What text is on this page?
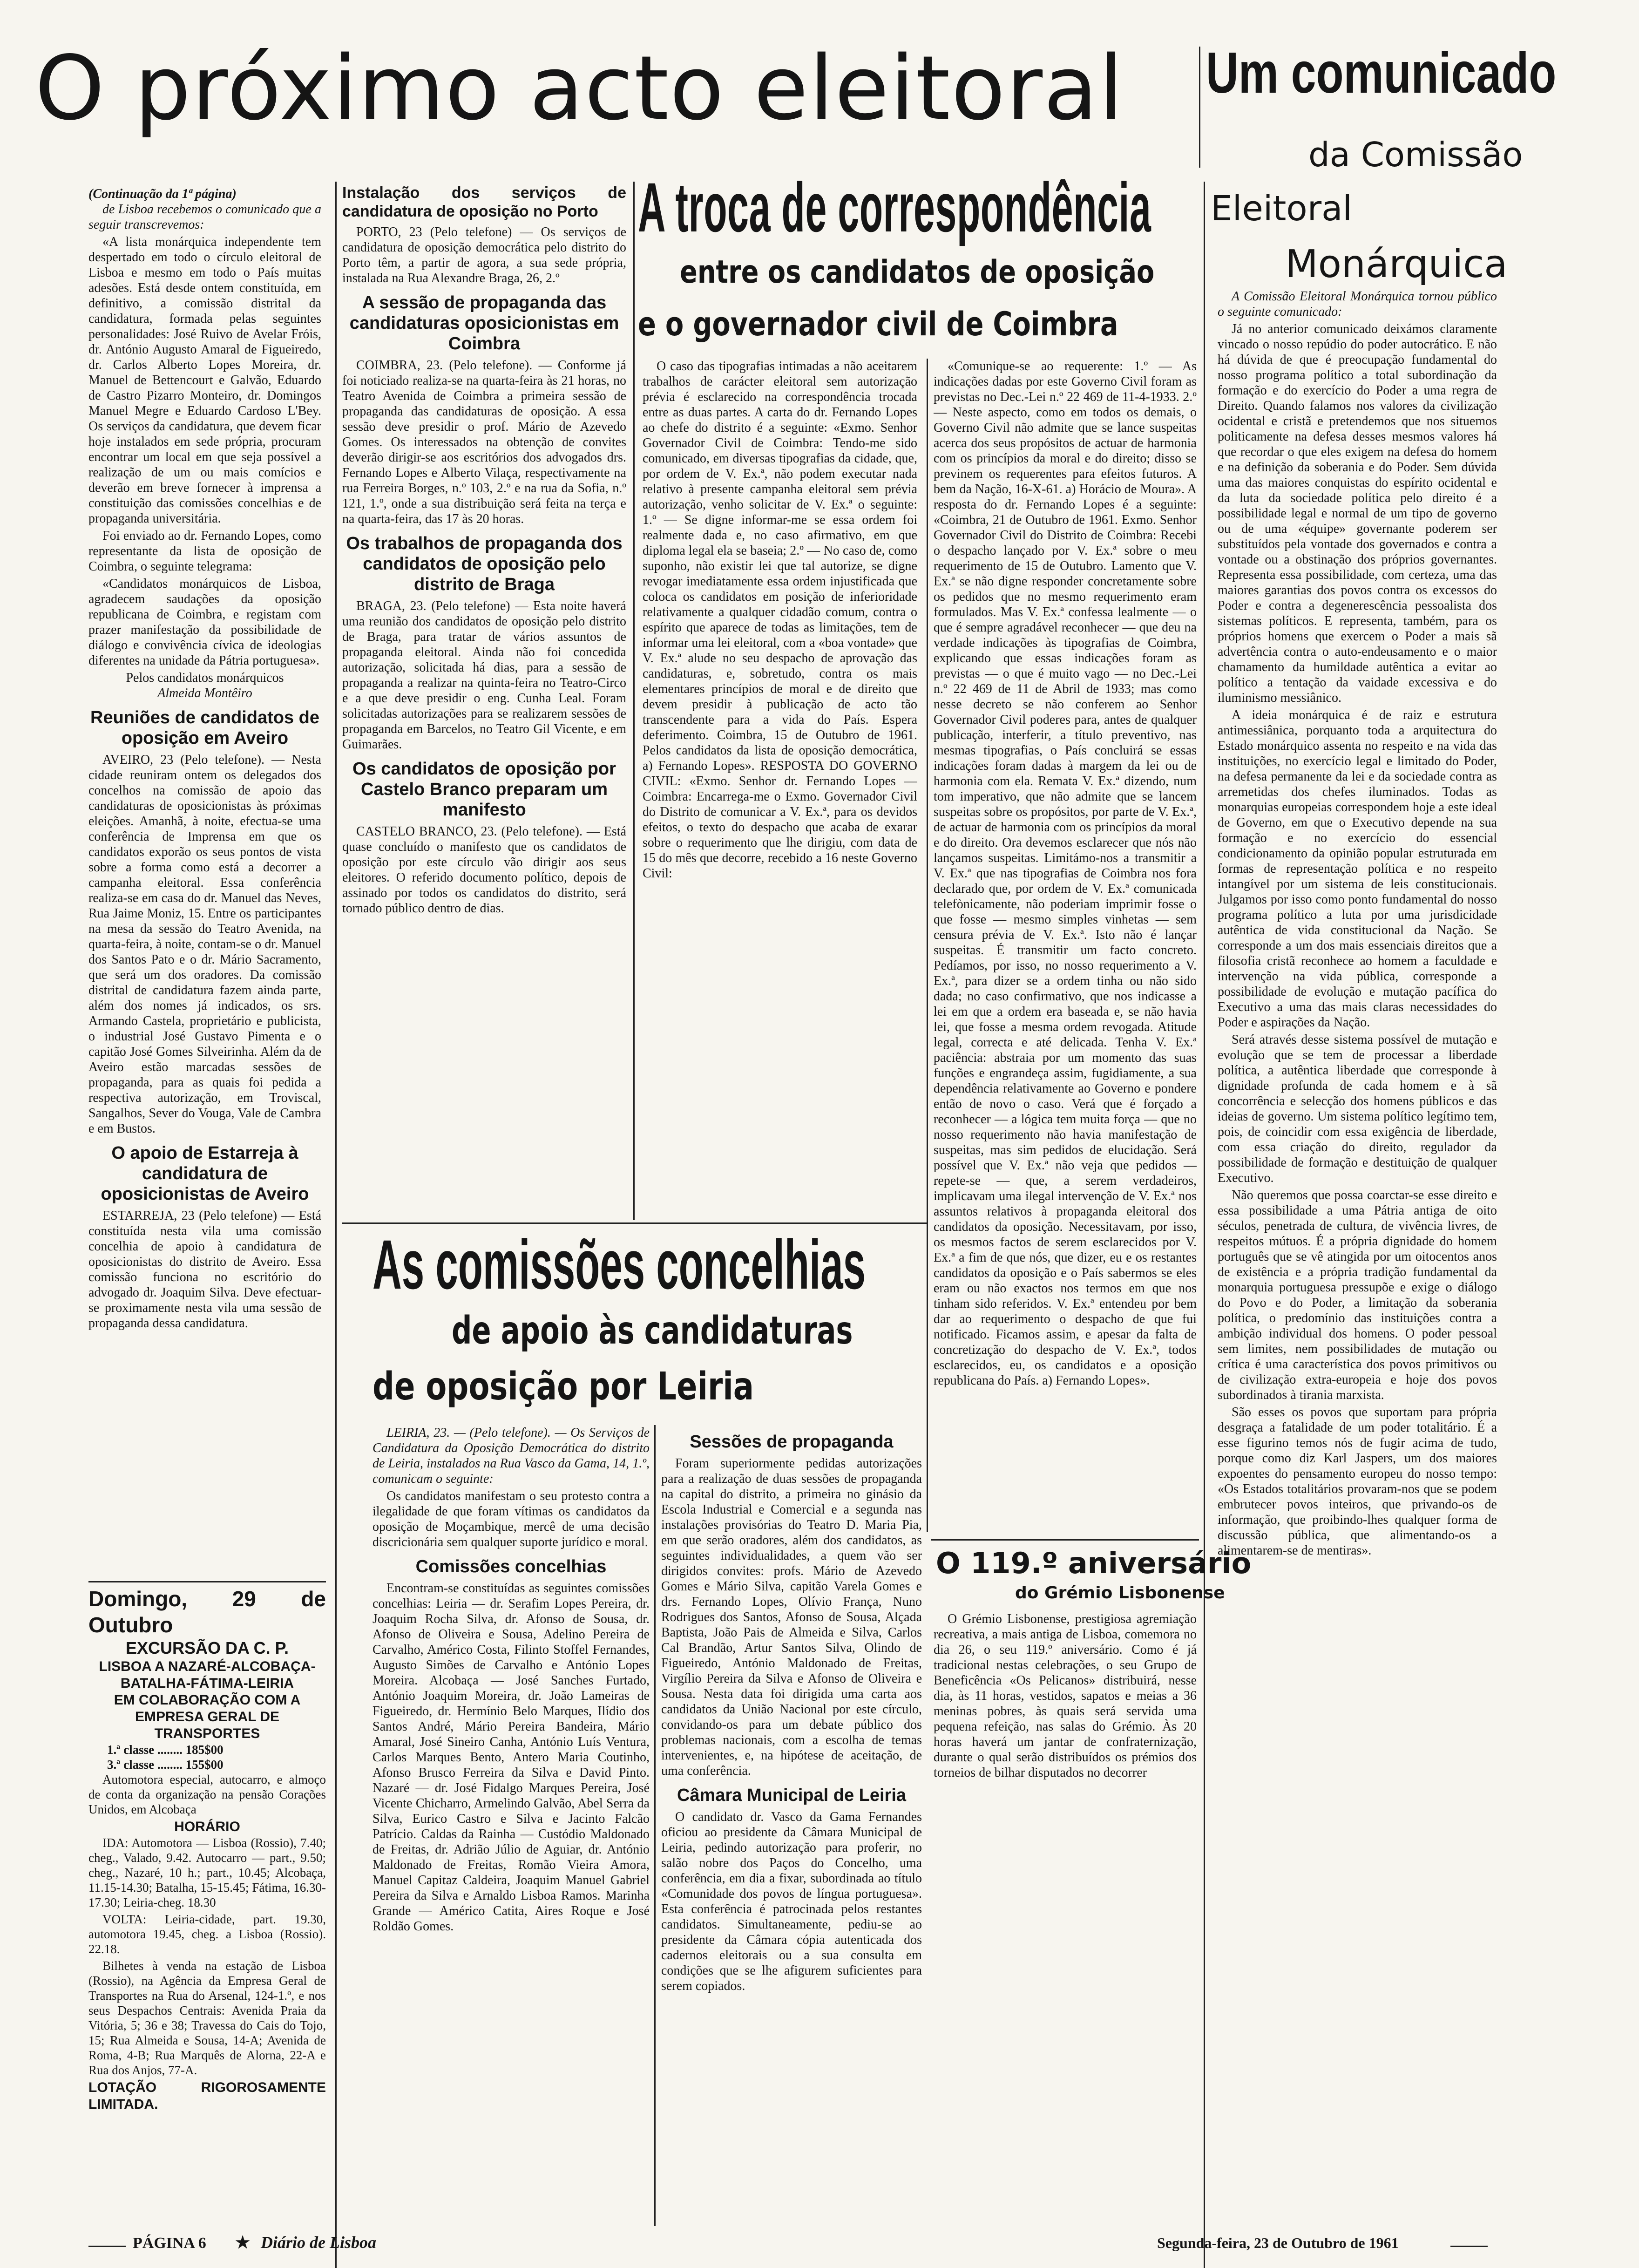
O próximo acto eleitoral Um comunicado
da Comissão
Eleitoral
Monárquica
(Continuação da 1ª página)

de Lisboa recebemos o comunicado que a seguir transcrevemos:

«A lista monárquica independente tem despertado em todo o círculo eleitoral de Lisboa e mesmo em todo o País muitas adesões. Está desde ontem constituída, em definitivo, a comissão distrital da candidatura, formada pelas seguintes personalidades: José Ruivo de Avelar Fróis, dr. António Augusto Amaral de Figueiredo, dr. Carlos Alberto Lopes Moreira, dr. Manuel de Bettencourt e Galvão, Eduardo de Castro Pizarro Monteiro, dr. Domingos Manuel Megre e Eduardo Cardoso L'Bey. Os serviços da candidatura, que devem ficar hoje instalados em sede própria, procuram encontrar um local em que seja possível a realização de um ou mais comícios e deverão em breve fornecer à imprensa a constituição das comissões concelhias e de propaganda universitária.

Foi enviado ao dr. Fernando Lopes, como representante da lista de oposição de Coimbra, o seguinte telegrama:

«Candidatos monárquicos de Lisboa, agradecem saudações da oposição republicana de Coimbra, e registam com prazer manifestação da possibilidade de diálogo e convivência cívica de ideologias diferentes na unidade da Pátria portuguesa».

Pelos candidatos monárquicos
Almeida Montêiro
Reuniões de candidatos de oposição em Aveiro

AVEIRO, 23 (Pelo telefone). — Nesta cidade reuniram ontem os delegados dos concelhos na comissão de apoio das candidaturas de oposicionistas às próximas eleições. Amanhã, à noite, efectua-se uma conferência de Imprensa em que os candidatos exporão os seus pontos de vista sobre a forma como está a decorrer a campanha eleitoral. Essa conferência realiza-se em casa do dr. Manuel das Neves, Rua Jaime Moniz, 15. Entre os participantes na mesa da sessão do Teatro Avenida, na quarta-feira, à noite, contam-se o dr. Manuel dos Santos Pato e o dr. Mário Sacramento, que será um dos oradores. Da comissão distrital de candidatura fazem ainda parte, além dos nomes já indicados, os srs. Armando Castela, proprietário e publicista, o industrial José Gustavo Pimenta e o capitão José Gomes Silveirinha. Além da de Aveiro estão marcadas sessões de propaganda, para as quais foi pedida a respectiva autorização, em Troviscal, Sangalhos, Sever do Vouga, Vale de Cambra e em Bustos.

O apoio de Estarreja à candidatura de oposicionistas de Aveiro

ESTARREJA, 23 (Pelo telefone) — Está constituída nesta vila uma comissão concelhia de apoio à candidatura de oposicionistas do distrito de Aveiro. Essa comissão funciona no escritório do advogado dr. Joaquim Silva. Deve efectuar-se proximamente nesta vila uma sessão de propaganda dessa candidatura.

Domingo, 29 de Outubro
EXCURSÃO DA C. P.
LISBOA A NAZARÉ-ALCOBAÇA-BATALHA-FÁTIMA-LEIRIA
EM COLABORAÇÃO COM A EMPRESA GERAL DE TRANSPORTES
1.ª classe ........ 185$00
3.ª classe ........ 155$00

Automotora especial, autocarro, e almoço de conta da organização na pensão Corações Unidos, em Alcobaça

HORÁRIO

IDA: Automotora — Lisboa (Rossio), 7.40; cheg., Valado, 9.42. Autocarro — part., 9.50; cheg., Nazaré, 10 h.; part., 10.45; Alcobaça, 11.15-14.30; Batalha, 15-15.45; Fátima, 16.30-17.30; Leiria-cheg. 18.30

VOLTA: Leiria-cidade, part. 19.30, automotora 19.45, cheg. a Lisboa (Rossio). 22.18.

Bilhetes à venda na estação de Lisboa (Rossio), na Agência da Empresa Geral de Transportes na Rua do Arsenal, 124-1.º, e nos seus Despachos Centrais: Avenida Praia da Vitória, 5; 36 e 38; Travessa do Cais do Tojo, 15; Rua Almeida e Sousa, 14-A; Avenida de Roma, 4-B; Rua Marquês de Alorna, 22-A e Rua dos Anjos, 77-A.

LOTAÇÃO RIGOROSAMENTE LIMITADA.
Instalação dos serviços de candidatura de oposição no Porto

PORTO, 23 (Pelo telefone) — Os serviços de candidatura de oposição democrática pelo distrito do Porto têm, a partir de agora, a sua sede própria, instalada na Rua Alexandre Braga, 26, 2.º

A sessão de propaganda das candidaturas oposicionistas em Coimbra

COIMBRA, 23. (Pelo telefone). — Conforme já foi noticiado realiza-se na quarta-feira às 21 horas, no Teatro Avenida de Coimbra a primeira sessão de propaganda das candidaturas de oposição. A essa sessão deve presidir o prof. Mário de Azevedo Gomes. Os interessados na obtenção de convites deverão dirigir-se aos escritórios dos advogados drs. Fernando Lopes e Alberto Vilaça, respectivamente na rua Ferreira Borges, n.º 103, 2.º e na rua da Sofia, n.º 121, 1.º, onde a sua distribuição será feita na terça e na quarta-feira, das 17 às 20 horas.

Os trabalhos de propaganda dos candidatos de oposição pelo distrito de Braga

BRAGA, 23. (Pelo telefone) — Esta noite haverá uma reunião dos candidatos de oposição pelo distrito de Braga, para tratar de vários assuntos de propaganda eleitoral. Ainda não foi concedida autorização, solicitada há dias, para a sessão de propaganda a realizar na quinta-feira no Teatro-Circo e a que deve presidir o eng. Cunha Leal. Foram solicitadas autorizações para se realizarem sessões de propaganda em Barcelos, no Teatro Gil Vicente, e em Guimarães.

Os candidatos de oposição por Castelo Branco preparam um manifesto

CASTELO BRANCO, 23. (Pelo telefone). — Está quase concluído o manifesto que os candidatos de oposição por este círculo vão dirigir aos seus eleitores. O referido documento político, depois de assinado por todos os candidatos do distrito, será tornado público dentro de dias.

A troca de correspondência
entre os candidatos de oposição
e o governador civil de Coimbra

O caso das tipografias intimadas a não aceitarem trabalhos de carácter eleitoral sem autorização prévia é esclarecido na correspondência trocada entre as duas partes. A carta do dr. Fernando Lopes ao chefe do distrito é a seguinte: «Exmo. Senhor Governador Civil de Coimbra: Tendo-me sido comunicado, em diversas tipografias da cidade, que, por ordem de V. Ex.ª, não podem executar nada relativo à presente campanha eleitoral sem prévia autorização, venho solicitar de V. Ex.ª o seguinte: 1.º — Se digne informar-me se essa ordem foi realmente dada e, no caso afirmativo, em que diploma legal ela se baseia; 2.º — No caso de, como suponho, não existir lei que tal autorize, se digne revogar imediatamente essa ordem injustificada que coloca os candidatos em posição de inferioridade relativamente a qualquer cidadão comum, contra o espírito que aparece de todas as limitações, tem de informar uma lei eleitoral, com a «boa vontade» que V. Ex.ª alude no seu despacho de aprovação das candidaturas, e, sobretudo, contra os mais elementares princípios de moral e de direito que devem presidir à publicação de acto tão transcendente para a vida do País. Espera deferimento. Coimbra, 15 de Outubro de 1961. Pelos candidatos da lista de oposição democrática, a) Fernando Lopes». RESPOSTA DO GOVERNO CIVIL: «Exmo. Senhor dr. Fernando Lopes — Coimbra: Encarrega-me o Exmo. Governador Civil do Distrito de comunicar a V. Ex.ª, para os devidos efeitos, o texto do despacho que acaba de exarar sobre o requerimento que lhe dirigiu, com data de 15 do mês que decorre, recebido a 16 neste Governo Civil:

«Comunique-se ao requerente: 1.º — As indicações dadas por este Governo Civil foram as previstas no Dec.-Lei n.º 22 469 de 11-4-1933. 2.º — Neste aspecto, como em todos os demais, o Governo Civil não admite que se lance suspeitas acerca dos seus propósitos de actuar de harmonia com os princípios da moral e do direito; disso se previnem os requerentes para efeitos futuros. A bem da Nação, 16-X-61. a) Horácio de Moura». A resposta do dr. Fernando Lopes é a seguinte: «Coimbra, 21 de Outubro de 1961. Exmo. Senhor Governador Civil do Distrito de Coimbra: Recebi o despacho lançado por V. Ex.ª sobre o meu requerimento de 15 de Outubro. Lamento que V. Ex.ª se não digne responder concretamente sobre os pedidos que no mesmo requerimento eram formulados. Mas V. Ex.ª confessa lealmente — o que é sempre agradável reconhecer — que deu na verdade indicações às tipografias de Coimbra, explicando que essas indicações foram as previstas — o que é muito vago — no Dec.-Lei n.º 22 469 de 11 de Abril de 1933; mas como nesse decreto se não conferem ao Senhor Governador Civil poderes para, antes de qualquer publicação, interferir, a título preventivo, nas mesmas tipografias, o País concluirá se essas indicações foram dadas à margem da lei ou de harmonia com ela. Remata V. Ex.ª dizendo, num tom imperativo, que não admite que se lancem suspeitas sobre os propósitos, por parte de V. Ex.ª, de actuar de harmonia com os princípios da moral e do direito. Ora devemos esclarecer que nós não lançamos suspeitas. Limitámo-nos a transmitir a V. Ex.ª que nas tipografias de Coimbra nos fora declarado que, por ordem de V. Ex.ª comunicada telefònicamente, não poderiam imprimir fosse o que fosse — mesmo simples vinhetas — sem censura prévia de V. Ex.ª. Isto não é lançar suspeitas. É transmitir um facto concreto. Pedíamos, por isso, no nosso requerimento a V. Ex.ª, para dizer se a ordem tinha ou não sido dada; no caso confirmativo, que nos indicasse a lei em que a ordem era baseada e, se não havia lei, que fosse a mesma ordem revogada. Atitude legal, correcta e até delicada. Tenha V. Ex.ª paciência: abstraia por um momento das suas funções e engrandeça assim, fugidiamente, a sua dependência relativamente ao Governo e pondere então de novo o caso. Verá que é forçado a reconhecer — a lógica tem muita força — que no nosso requerimento não havia manifestação de suspeitas, mas sim pedidos de elucidação. Será possível que V. Ex.ª não veja que pedidos — repete-se — que, a serem verdadeiros, implicavam uma ilegal intervenção de V. Ex.ª nos assuntos relativos à propaganda eleitoral dos candidatos da oposição. Necessitavam, por isso, os mesmos factos de serem esclarecidos por V. Ex.ª a fim de que nós, que dizer, eu e os restantes candidatos da oposição e o País sabermos se eles eram ou não exactos nos termos em que nos tinham sido referidos. V. Ex.ª entendeu por bem dar ao requerimento o despacho de que fui notificado. Ficamos assim, e apesar da falta de concretização do despacho de V. Ex.ª, todos esclarecidos, eu, os candidatos e a oposição republicana do País. a) Fernando Lopes».

O 119.º aniversário
do Grémio Lisbonense

O Grémio Lisbonense, prestigiosa agremiação recreativa, a mais antiga de Lisboa, comemora no dia 26, o seu 119.º aniversário. Como é já tradicional nestas celebrações, o seu Grupo de Beneficência «Os Pelicanos» distribuirá, nesse dia, às 11 horas, vestidos, sapatos e meias a 36 meninas pobres, às quais será servida uma pequena refeição, nas salas do Grémio. Às 20 horas haverá um jantar de confraternização, durante o qual serão distribuídos os prémios dos torneios de bilhar disputados no decorrer

As comissões concelhias
de apoio às candidaturas
de oposição por Leiria

LEIRIA, 23. — (Pelo telefone). — Os Serviços de Candidatura da Oposição Democrática do distrito de Leiria, instalados na Rua Vasco da Gama, 14, 1.º, comunicam o seguinte:

Os candidatos manifestam o seu protesto contra a ilegalidade de que foram vítimas os candidatos da oposição de Moçambique, mercê de uma decisão discricionária sem qualquer suporte jurídico e moral.

Comissões concelhias

Encontram-se constituídas as seguintes comissões concelhias: Leiria — dr. Serafim Lopes Pereira, dr. Joaquim Rocha Silva, dr. Afonso de Sousa, dr. Afonso de Oliveira e Sousa, Adelino Pereira de Carvalho, Américo Costa, Filinto Stoffel Fernandes, Augusto Simões de Carvalho e António Lopes Moreira. Alcobaça — José Sanches Furtado, António Joaquim Moreira, dr. João Lameiras de Figueiredo, dr. Hermínio Belo Marques, Ilídio dos Santos André, Mário Pereira Bandeira, Mário Amaral, José Sineiro Canha, António Luís Ventura, Carlos Marques Bento, Antero Maria Coutinho, Afonso Brusco Ferreira da Silva e David Pinto. Nazaré — dr. José Fidalgo Marques Pereira, José Vicente Chicharro, Armelindo Galvão, Abel Serra da Silva, Eurico Castro e Silva e Jacinto Falcão Patrício. Caldas da Rainha — Custódio Maldonado de Freitas, dr. Adrião Júlio de Aguiar, dr. António Maldonado de Freitas, Romão Vieira Amora, Manuel Capitaz Caldeira, Joaquim Manuel Gabriel Pereira da Silva e Arnaldo Lisboa Ramos. Marinha Grande — Américo Catita, Aires Roque e José Roldão Gomes.

Sessões de propaganda

Foram superiormente pedidas autorizações para a realização de duas sessões de propaganda na capital do distrito, a primeira no ginásio da Escola Industrial e Comercial e a segunda nas instalações provisórias do Teatro D. Maria Pia, em que serão oradores, além dos candidatos, as seguintes individualidades, a quem vão ser dirigidos convites: profs. Mário de Azevedo Gomes e Mário Silva, capitão Varela Gomes e drs. Fernando Lopes, Olívio França, Nuno Rodrigues dos Santos, Afonso de Sousa, Alçada Baptista, João Pais de Almeida e Silva, Carlos Cal Brandão, Artur Santos Silva, Olindo de Figueiredo, António Maldonado de Freitas, Virgílio Pereira da Silva e Afonso de Oliveira e Sousa. Nesta data foi dirigida uma carta aos candidatos da União Nacional por este círculo, convidando-os para um debate público dos problemas nacionais, com a escolha de temas intervenientes, e, na hipótese de aceitação, de uma conferência.

Câmara Municipal de Leiria

O candidato dr. Vasco da Gama Fernandes oficiou ao presidente da Câmara Municipal de Leiria, pedindo autorização para proferir, no salão nobre dos Paços do Concelho, uma conferência, em dia a fixar, subordinada ao título «Comunidade dos povos de língua portuguesa». Esta conferência é patrocinada pelos restantes candidatos. Simultaneamente, pediu-se ao presidente da Câmara cópia autenticada dos cadernos eleitorais ou a sua consulta em condições que se lhe afigurem suficientes para serem copiados.

A Comissão Eleitoral Monárquica tornou público o seguinte comunicado:

Já no anterior comunicado deixámos claramente vincado o nosso repúdio do poder autocrático. E não há dúvida de que é preocupação fundamental do nosso programa político a total subordinação da formação e do exercício do Poder a uma regra de Direito. Quando falamos nos valores da civilização ocidental e cristã e pretendemos que nos situemos politicamente na defesa desses mesmos valores há que recordar o que eles exigem na defesa do homem e na definição da soberania e do Poder. Sem dúvida uma das maiores conquistas do espírito ocidental e da luta da sociedade política pelo direito é a possibilidade legal e normal de um tipo de governo ou de uma «équipe» governante poderem ser substituídos pela vontade dos governados e contra a vontade ou a obstinação dos próprios governantes. Representa essa possibilidade, com certeza, uma das maiores garantias dos povos contra os excessos do Poder e contra a degenerescência pessoalista dos sistemas políticos. E representa, também, para os próprios homens que exercem o Poder a mais sã advertência contra o auto-endeusamento e o maior chamamento da humildade autêntica a evitar ao político a tentação da vaidade excessiva e do iluminismo messiânico.

A ideia monárquica é de raiz e estrutura antimessiânica, porquanto toda a arquitectura do Estado monárquico assenta no respeito e na vida das instituições, no exercício legal e limitado do Poder, na defesa permanente da lei e da sociedade contra as arremetidas dos chefes iluminados. Todas as monarquias europeias correspondem hoje a este ideal de Governo, em que o Executivo depende na sua formação e no exercício do essencial condicionamento da opinião popular estruturada em formas de representação política e no respeito intangível por um sistema de leis constitucionais. Julgamos por isso como ponto fundamental do nosso programa político a luta por uma jurisdicidade autêntica de vida constitucional da Nação. Se corresponde a um dos mais essenciais direitos que a filosofia cristã reconhece ao homem a faculdade e intervenção na vida pública, corresponde a possibilidade de evolução e mutação pacífica do Executivo a uma das mais claras necessidades do Poder e aspirações da Nação.

Será através desse sistema possível de mutação e evolução que se tem de processar a liberdade política, a autêntica liberdade que corresponde à dignidade profunda de cada homem e à sã concorrência e selecção dos homens públicos e das ideias de governo. Um sistema político legítimo tem, pois, de coincidir com essa exigência de liberdade, com essa criação do direito, regulador da possibilidade de formação e destituição de qualquer Executivo.

Não queremos que possa coarctar-se esse direito e essa possibilidade a uma Pátria antiga de oito séculos, penetrada de cultura, de vivência livres, de respeitos mútuos. É a própria dignidade do homem português que se vê atingida por um oitocentos anos de existência e a própria tradição fundamental da monarquia portuguesa pressupõe e exige o diálogo do Povo e do Poder, a limitação da soberania política, o predomínio das instituições contra a ambição individual dos homens. O poder pessoal sem limites, nem possibilidades de mutação ou crítica é uma característica dos povos primitivos ou de civilização extra-europeia e hoje dos povos subordinados à tirania marxista.

São esses os povos que suportam para própria desgraça a fatalidade de um poder totalitário. É a esse figurino temos nós de fugir acima de tudo, porque como diz Karl Jaspers, um dos maiores expoentes do pensamento europeu do nosso tempo: «Os Estados totalitários provaram-nos que se podem embrutecer povos inteiros, que privando-os de informação, que proibindo-lhes qualquer forma de discussão pública, que alimentando-os a alimentarem-se de mentiras».

PÁGINA 6 ★ Diário de Lisboa	Segunda-feira, 23 de Outubro de 1961
